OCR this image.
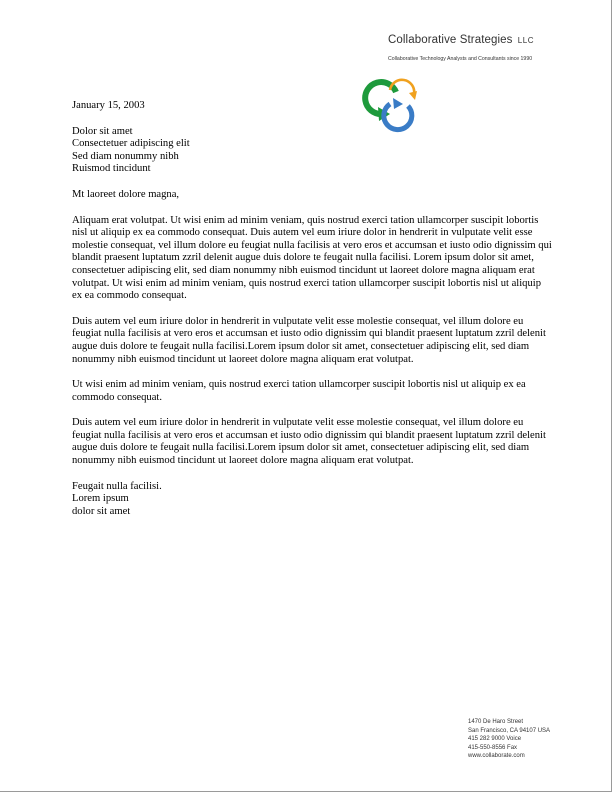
Collaborative Strategies LLC
Collaborative Technology Analysts and Consultants since 1990

January 15, 2003

Dolor sit amet
Consectetuer adipiscing elit
Sed diam nonummy nibh
Ruismod tincidunt

Mt laoreet dolore magna,

Aliquam erat volutpat. Ut wisi enim ad minim veniam, quis nostrud exerci tation ullamcorper suscipit lobortis nisl ut aliquip ex ea commodo consequat. Duis autem vel eum iriure dolor in hendrerit in vulputate velit esse molestie consequat, vel illum dolore eu feugiat nulla facilisis at vero eros et accumsan et iusto odio dignissim qui blandit praesent luptatum zzril delenit augue duis dolore te feugait nulla facilisi. Lorem ipsum dolor sit amet, consectetuer adipiscing elit, sed diam nonummy nibh euismod tincidunt ut laoreet dolore magna aliquam erat volutpat. Ut wisi enim ad minim veniam, quis nostrud exerci tation ullamcorper suscipit lobortis nisl ut aliquip ex ea commodo consequat.

Duis autem vel eum iriure dolor in hendrerit in vulputate velit esse molestie consequat, vel illum dolore eu feugiat nulla facilisis at vero eros et accumsan et iusto odio dignissim qui blandit praesent luptatum zzril delenit augue duis dolore te feugait nulla facilisi.Lorem ipsum dolor sit amet, consectetuer adipiscing elit, sed diam nonummy nibh euismod tincidunt ut laoreet dolore magna aliquam erat volutpat.

Ut wisi enim ad minim veniam, quis nostrud exerci tation ullamcorper suscipit lobortis nisl ut aliquip ex ea commodo consequat.

Duis autem vel eum iriure dolor in hendrerit in vulputate velit esse molestie consequat, vel illum dolore eu feugiat nulla facilisis at vero eros et accumsan et iusto odio dignissim qui blandit praesent luptatum zzril delenit augue duis dolore te feugait nulla facilisi.Lorem ipsum dolor sit amet, consectetuer adipiscing elit, sed diam nonummy nibh euismod tincidunt ut laoreet dolore magna aliquam erat volutpat.

Feugait nulla facilisi.
Lorem ipsum
dolor sit amet

1470 De Haro Street
San Francisco, CA 94107 USA
415 282 9000 Voice
415-550-8556 Fax
www.collaborate.com
